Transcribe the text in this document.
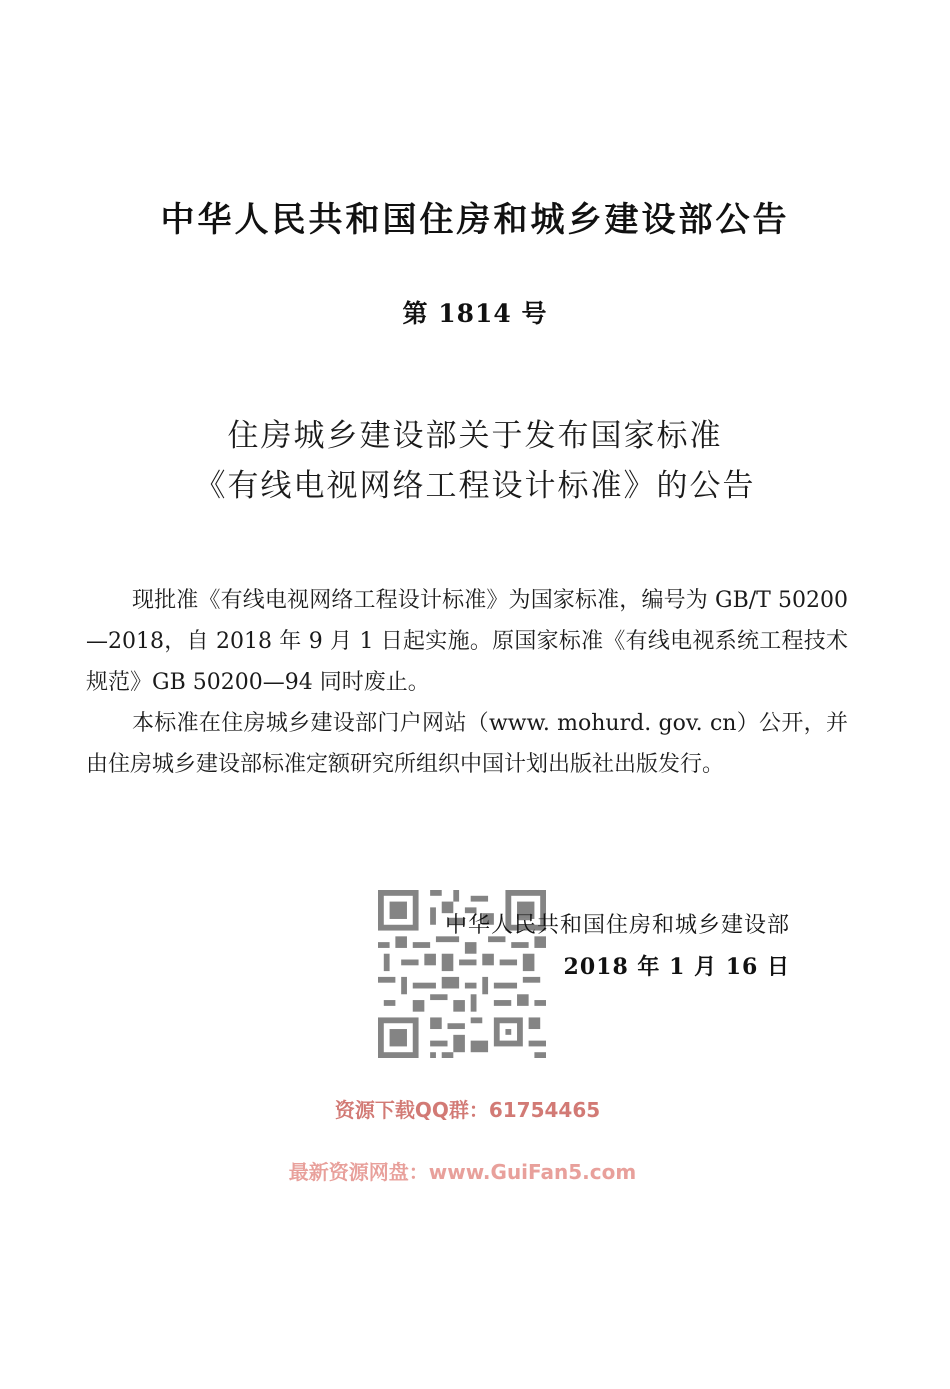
中华人民共和国住房和城乡建设部公告
第 1814 号
住房城乡建设部关于发布国家标准
《有线电视网络工程设计标准》的公告

现批准《有线电视网络工程设计标准》为国家标准，编号为 GB/T 50200—2018，自 2018 年 9 月 1 日起实施。原国家标准《有线电视系统工程技术规范》GB 50200—94 同时废止。

本标准在住房城乡建设部门户网站（www. mohurd. gov. cn）公开，并由住房城乡建设部标准定额研究所组织中国计划出版社出版发行。

中华人民共和国住房和城乡建设部
2018 年 1 月 16 日
资源下载QQ群：61754465
最新资源网盘：www.GuiFan5.com
